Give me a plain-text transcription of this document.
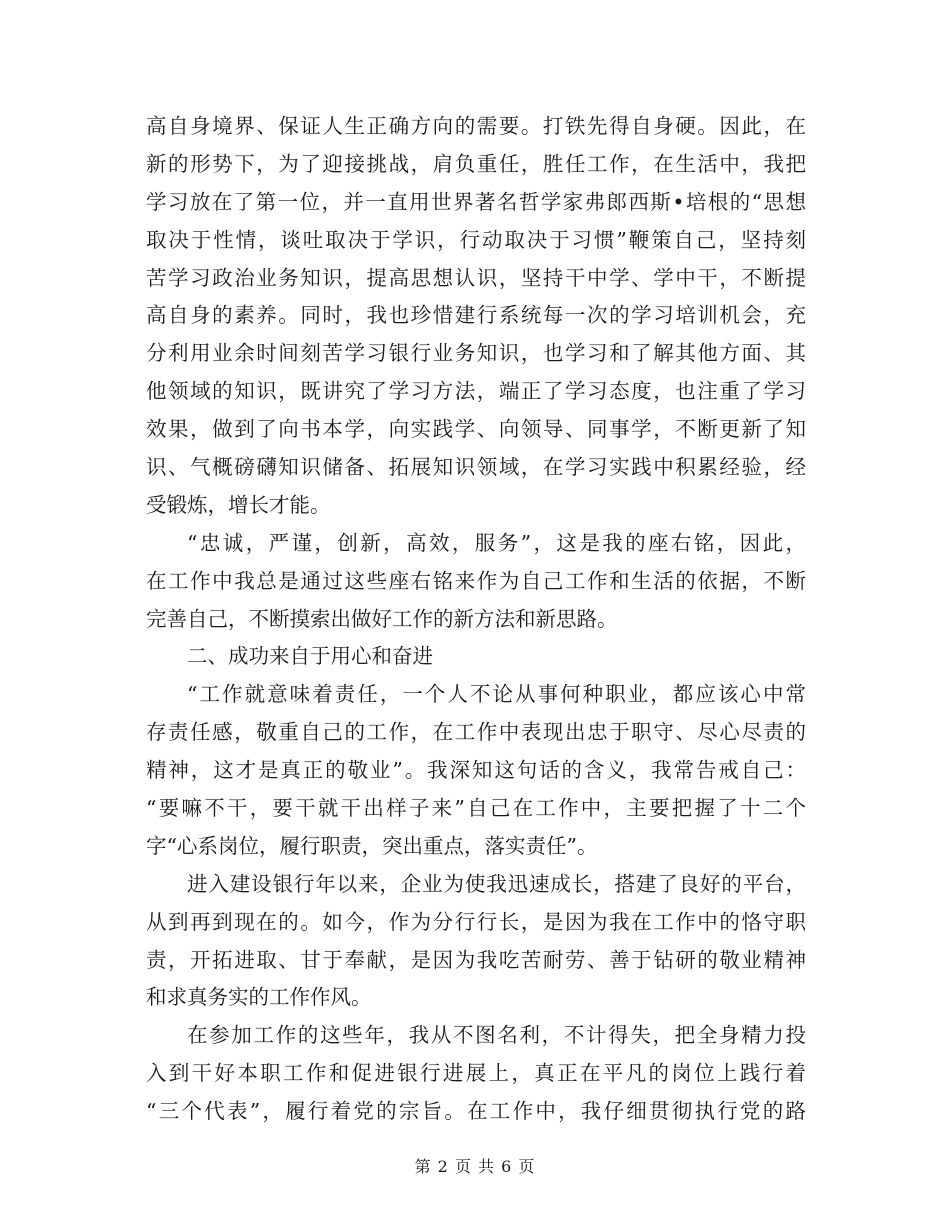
高自身境界、保证人生正确方向的需要。打铁先得自身硬。因此，在
新的形势下，为了迎接挑战，肩负重任，胜任工作，在生活中，我把
学习放在了第一位，并一直用世界著名哲学家弗郎西斯•培根的“思想
取决于性情，谈吐取决于学识，行动取决于习惯”鞭策自己，坚持刻
苦学习政治业务知识，提高思想认识，坚持干中学、学中干，不断提
高自身的素养。同时，我也珍惜建行系统每一次的学习培训机会，充
分利用业余时间刻苦学习银行业务知识，也学习和了解其他方面、其
他领域的知识，既讲究了学习方法，端正了学习态度，也注重了学习
效果，做到了向书本学，向实践学、向领导、同事学，不断更新了知
识、气概磅礴知识储备、拓展知识领域，在学习实践中积累经验，经
受锻炼，增长才能。
“忠诚，严谨，创新，高效，服务”，这是我的座右铭，因此，
在工作中我总是通过这些座右铭来作为自己工作和生活的依据，不断
完善自己，不断摸索出做好工作的新方法和新思路。
二、成功来自于用心和奋进
“工作就意味着责任，一个人不论从事何种职业，都应该心中常
存责任感，敬重自己的工作，在工作中表现出忠于职守、尽心尽责的
精神，这才是真正的敬业”。我深知这句话的含义，我常告戒自己：
“要嘛不干，要干就干出样子来”自己在工作中，主要把握了十二个
字“心系岗位，履行职责，突出重点，落实责任”。
进入建设银行年以来，企业为使我迅速成长，搭建了良好的平台，
从到再到现在的。如今，作为分行行长，是因为我在工作中的恪守职
责，开拓进取、甘于奉献，是因为我吃苦耐劳、善于钻研的敬业精神
和求真务实的工作作风。
在参加工作的这些年，我从不图名利，不计得失，把全身精力投
入到干好本职工作和促进银行进展上，真正在平凡的岗位上践行着
“三个代表”，履行着党的宗旨。在工作中，我仔细贯彻执行党的路
第 2 页 共 6 页
